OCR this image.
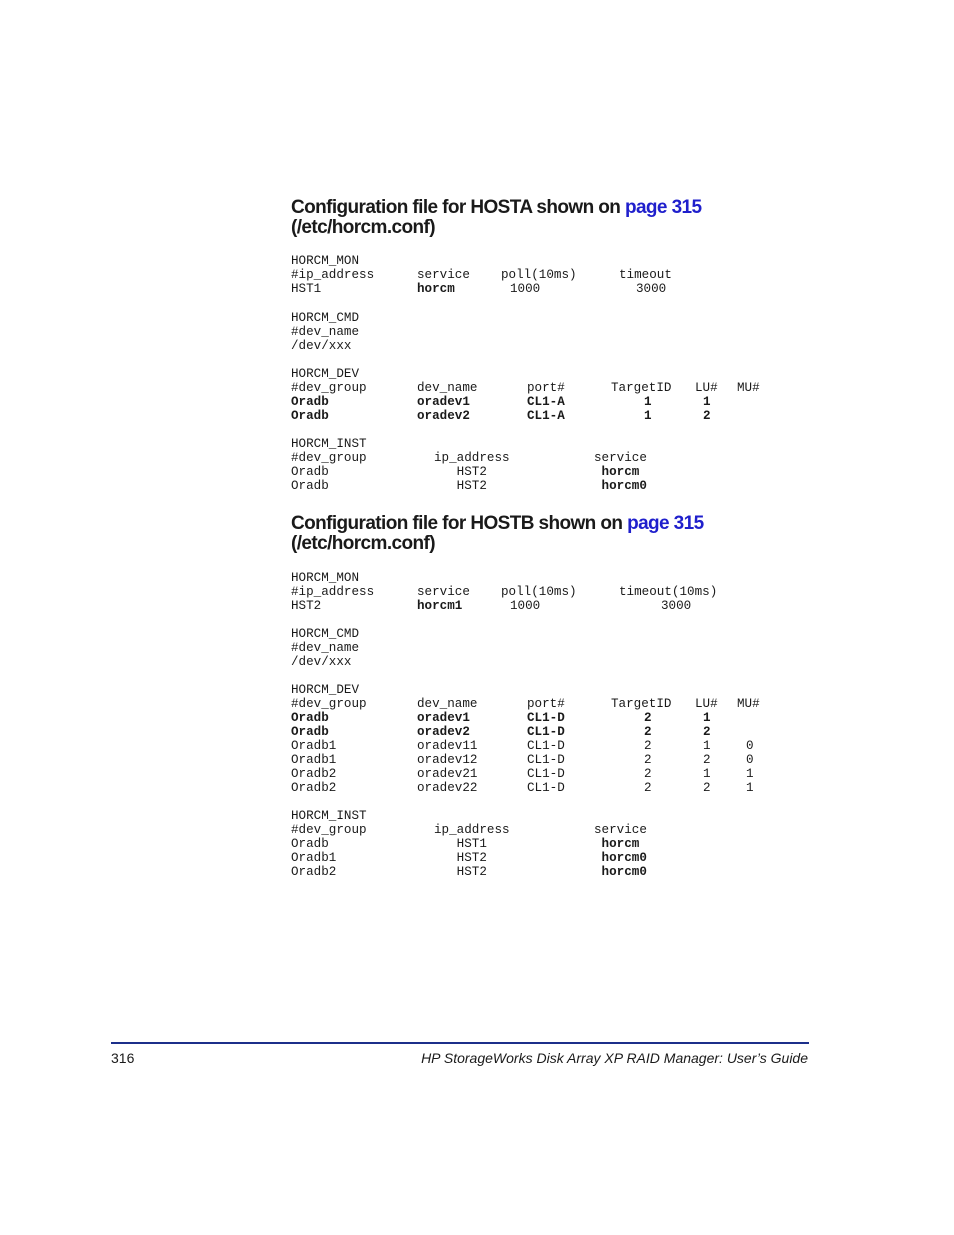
Configuration file for HOSTA shown on page 315
(/etc/horcm.conf)
HORCM_MON
#ip_address	service poll(10ms)	timeout
HST1	horcm	1000	3000
HORCM_CMD
#dev_name
/dev/xxx
HORCM_DEV
#dev_group	dev_name	port#	TargetID LU# MU#
Oradb	oradev1	CL1-A	1	1
Oradb	oradev2	CL1-A	1	2
HORCM_INST
#dev_group	ip_address	service
Oradb	HST2	horcm
Oradb	HST2	horcm0
Configuration file for HOSTB shown on page 315
(/etc/horcm.conf)
HORCM_MON
#ip_address	service poll(10ms)	timeout(10ms)
HST2	horcm1	1000	3000
HORCM_CMD
#dev_name
/dev/xxx
HORCM_DEV
#dev_group	dev_name	port#	TargetID LU# MU#
Oradb	oradev1	CL1-D	2	1
Oradb	oradev2	CL1-D	2	2
Oradb1	oradev11	CL1-D	2	1	0
Oradb1	oradev12	CL1-D	2	2	0
Oradb2	oradev21	CL1-D	2	1	1
Oradb2	oradev22	CL1-D	2	2	1
HORCM_INST
#dev_group	ip_address	service
Oradb	HST1	horcm
Oradb1	HST2	horcm0
Oradb2	HST2	horcm0
316	HP StorageWorks Disk Array XP RAID Manager: User’s Guide
